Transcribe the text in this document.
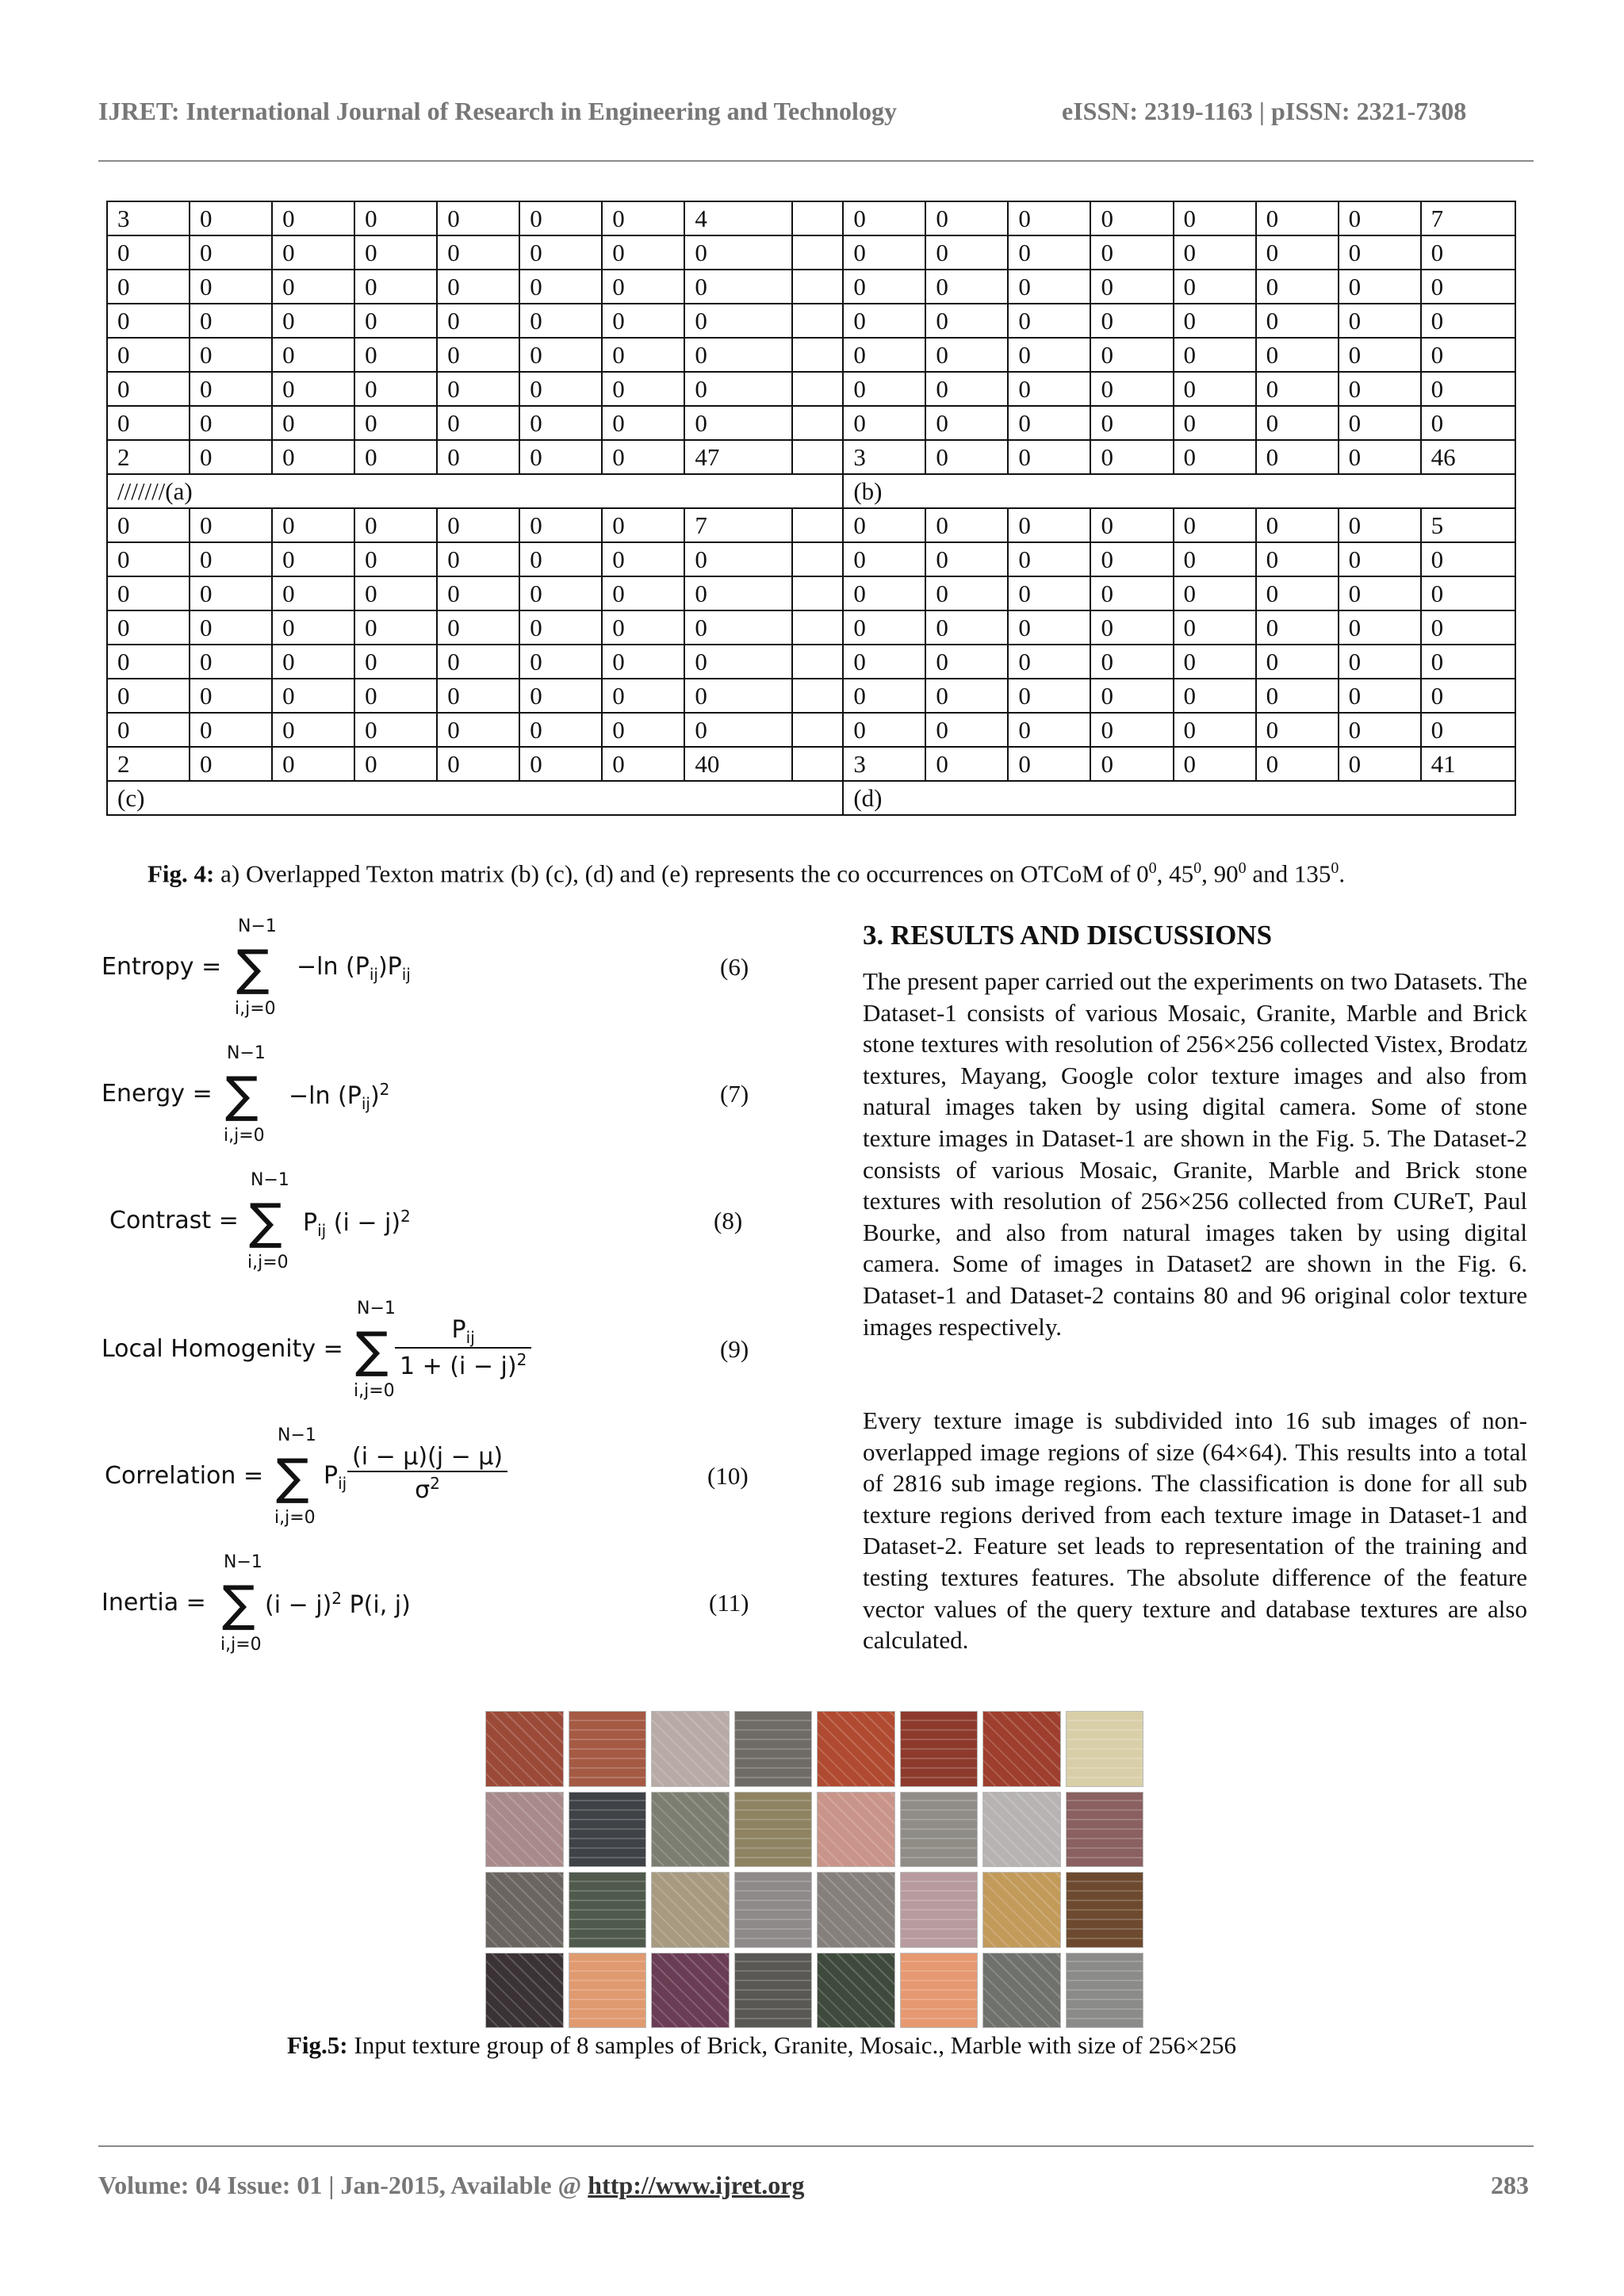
IJRET: International Journal of Research in Engineering and Technology	eISSN: 2319-1163 | pISSN: 2321-7308
3	0	0	0	0	0	0	4		0	0	0	0	0	0	0	7
0	0	0	0	0	0	0	0		0	0	0	0	0	0	0	0
0	0	0	0	0	0	0	0		0	0	0	0	0	0	0	0
0	0	0	0	0	0	0	0		0	0	0	0	0	0	0	0
0	0	0	0	0	0	0	0		0	0	0	0	0	0	0	0
0	0	0	0	0	0	0	0		0	0	0	0	0	0	0	0
0	0	0	0	0	0	0	0		0	0	0	0	0	0	0	0
2	0	0	0	0	0	0	47		3	0	0	0	0	0	0	46
///////(a)									(b)							
0	0	0	0	0	0	0	7		0	0	0	0	0	0	0	5
0	0	0	0	0	0	0	0		0	0	0	0	0	0	0	0
0	0	0	0	0	0	0	0		0	0	0	0	0	0	0	0
0	0	0	0	0	0	0	0		0	0	0	0	0	0	0	0
0	0	0	0	0	0	0	0		0	0	0	0	0	0	0	0
0	0	0	0	0	0	0	0		0	0	0	0	0	0	0	0
0	0	0	0	0	0	0	0		0	0	0	0	0	0	0	0
2	0	0	0	0	0	0	40		3	0	0	0	0	0	0	41
(c)									(d)							
Fig. 4: a) Overlapped Texton matrix (b) (c), (d) and (e) represents the co occurrences on OTCoM of $0^0$, $45^0$, $90^0$ and $135^0$.
Entropy =
N−1
∑
i,j=0
−ln $(P_{ij})P_{ij}$	(6)
Energy =
N−1
∑
i,j=0
−ln $(P_{ij})^2$	(7)
Contrast =
N−1
∑
i,j=0
$P_{ij}$ $(i - j)^2$	(8)
Local Homogenity =
N−1
∑
i,j=0
$P_{ij}$
$1 + (i - j)^2$	(9)
Correlation =
N−1
∑
i,j=0
$P_{ij} \frac{(i - \mu)(j - \mu)}{\sigma^2}$	(10)
Inertia =
N−1
∑
i,j=0
$(i - j)^2$ P(i, j)	(11)
3. RESULTS AND DISCUSSIONS
The present paper carried out the experiments on two Datasets. The Dataset-1 consists of various Mosaic, Granite, Marble and Brick stone textures with resolution of 256×256 collected Vistex, Brodatz textures, Mayang, Google color texture images and also from natural images taken by using digital camera. Some of stone texture images in Dataset-1 are shown in the Fig. 5. The Dataset-2 consists of various Mosaic, Granite, Marble and Brick stone textures with resolution of 256×256 collected from CUReT, Paul Bourke, and also from natural images taken by using digital camera. Some of images in Dataset2 are shown in the Fig. 6. Dataset-1 and Dataset-2 contains 80 and 96 original color texture images respectively.
Every texture image is subdivided into 16 sub images of non-overlapped image regions of size (64×64). This results into a total of 2816 sub image regions. The classification is done for all sub texture regions derived from each texture image in Dataset-1 and Dataset-2. Feature set leads to representation of the training and testing textures features. The absolute difference of the feature vector values of the query texture and database textures are also calculated.
Fig.5: Input texture group of 8 samples of Brick, Granite, Mosaic., Marble with size of 256×256
Volume: 04 Issue: 01 | Jan-2015, Available @ http://www.ijret.org	283
